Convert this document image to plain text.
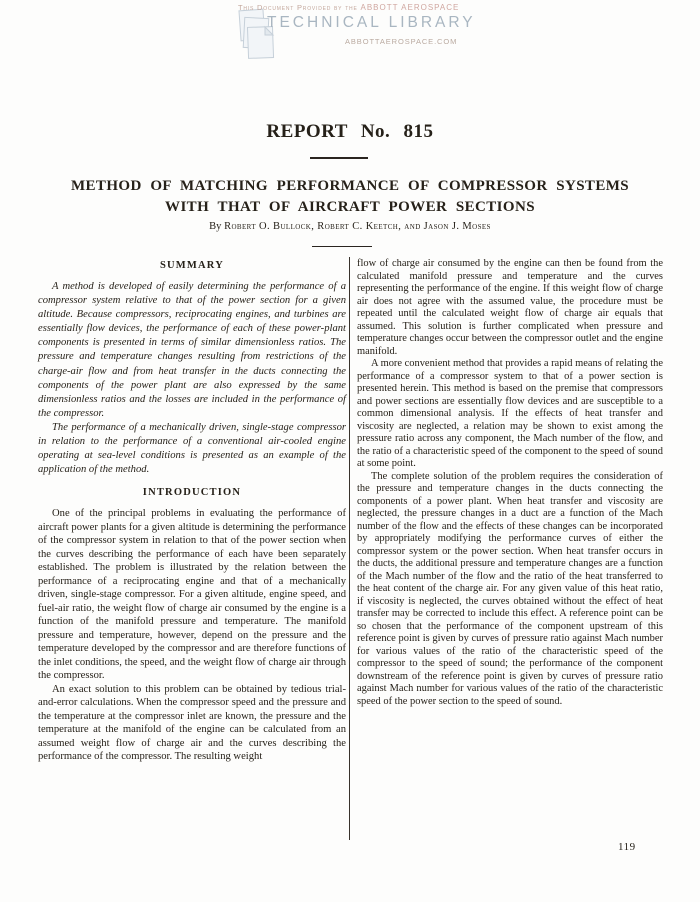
This Document Provided by the ABBOTT AEROSPACE
TECHNICAL LIBRARY
ABBOTTAEROSPACE.COM
REPORT No. 815
METHOD OF MATCHING PERFORMANCE OF COMPRESSOR SYSTEMS
WITH THAT OF AIRCRAFT POWER SECTIONS
By Robert O. Bullock, Robert C. Keetch, and Jason J. Moses
SUMMARY

A method is developed of easily determining the performance of a compressor system relative to that of the power section for a given altitude. Because compressors, reciprocating engines, and turbines are essentially flow devices, the performance of each of these power-plant components is presented in terms of similar dimensionless ratios. The pressure and temperature changes resulting from restrictions of the charge-air flow and from heat transfer in the ducts connecting the components of the power plant are also expressed by the same dimensionless ratios and the losses are included in the performance of the compressor.

The performance of a mechanically driven, single-stage compressor in relation to the performance of a conventional air-cooled engine operating at sea-level conditions is presented as an example of the application of the method.

INTRODUCTION

One of the principal problems in evaluating the performance of aircraft power plants for a given altitude is determining the performance of the compressor system in relation to that of the power section when the curves describing the performance of each have been separately established. The problem is illustrated by the relation between the performance of a reciprocating engine and that of a mechanically driven, single-stage compressor. For a given altitude, engine speed, and fuel-air ratio, the weight flow of charge air consumed by the engine is a function of the manifold pressure and temperature. The manifold pressure and temperature, however, depend on the pressure and the temperature developed by the compressor and are therefore functions of the inlet conditions, the speed, and the weight flow of charge air through the compressor.

An exact solution to this problem can be obtained by tedious trial-and-error calculations. When the compressor speed and the pressure and the temperature at the compressor inlet are known, the pressure and the temperature at the manifold of the engine can be calculated from an assumed weight flow of charge air and the curves describing the performance of the compressor. The resulting weight

flow of charge air consumed by the engine can then be found from the calculated manifold pressure and temperature and the curves representing the performance of the engine. If this weight flow of charge air does not agree with the assumed value, the procedure must be repeated until the calculated weight flow of charge air equals that assumed. This solution is further complicated when pressure and temperature changes occur between the compressor outlet and the engine manifold.

A more convenient method that provides a rapid means of relating the performance of a compressor system to that of a power section is presented herein. This method is based on the premise that compressors and power sections are essentially flow devices and are susceptible to a common dimensional analysis. If the effects of heat transfer and viscosity are neglected, a relation may be shown to exist among the pressure ratio across any component, the Mach number of the flow, and the ratio of a characteristic speed of the component to the speed of sound at some point.

The complete solution of the problem requires the consideration of the pressure and temperature changes in the ducts connecting the components of a power plant. When heat transfer and viscosity are neglected, the pressure changes in a duct are a function of the Mach number of the flow and the effects of these changes can be incorporated by appropriately modifying the performance curves of either the compressor system or the power section. When heat transfer occurs in the ducts, the additional pressure and temperature changes are a function of the Mach number of the flow and the ratio of the heat transferred to the heat content of the charge air. For any given value of this heat ratio, if viscosity is neglected, the curves obtained without the effect of heat transfer may be corrected to include this effect. A reference point can be so chosen that the performance of the component upstream of this reference point is given by curves of pressure ratio against Mach number for various values of the ratio of the characteristic speed of the compressor to the speed of sound; the performance of the component downstream of the reference point is given by curves of pressure ratio against Mach number for various values of the ratio of the characteristic speed of the power section to the speed of sound.

119
